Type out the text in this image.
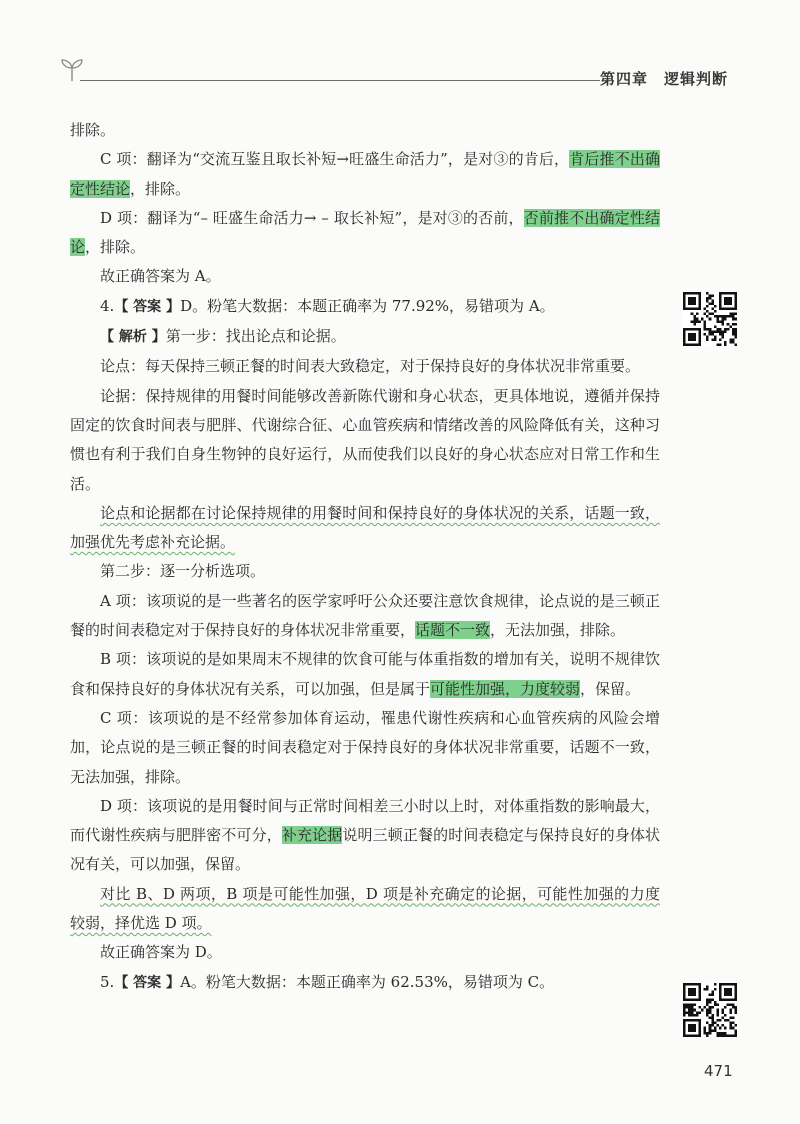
第四章 逻辑判断

排除。

C 项：翻译为“交流互鉴且取长补短→旺盛生命活力”，是对③的肯后，肯后推不出确定性结论，排除。

D 项：翻译为“– 旺盛生命活力→ – 取长补短”，是对③的否前，否前推不出确定性结论，排除。

故正确答案为 A。

4.【 答案 】D。粉笔大数据：本题正确率为 77.92%，易错项为 A。

【 解析 】第一步：找出论点和论据。

论点：每天保持三顿正餐的时间表大致稳定，对于保持良好的身体状况非常重要。

论据：保持规律的用餐时间能够改善新陈代谢和身心状态，更具体地说，遵循并保持固定的饮食时间表与肥胖、代谢综合征、心血管疾病和情绪改善的风险降低有关，这种习惯也有利于我们自身生物钟的良好运行，从而使我们以良好的身心状态应对日常工作和生活。

论点和论据都在讨论保持规律的用餐时间和保持良好的身体状况的关系，话题一致，加强优先考虑补充论据。

第二步：逐一分析选项。

A 项：该项说的是一些著名的医学家呼吁公众还要注意饮食规律，论点说的是三顿正餐的时间表稳定对于保持良好的身体状况非常重要，话题不一致，无法加强，排除。

B 项：该项说的是如果周末不规律的饮食可能与体重指数的增加有关，说明不规律饮食和保持良好的身体状况有关系，可以加强，但是属于可能性加强，力度较弱，保留。

C 项：该项说的是不经常参加体育运动，罹患代谢性疾病和心血管疾病的风险会增加，论点说的是三顿正餐的时间表稳定对于保持良好的身体状况非常重要，话题不一致，无法加强，排除。

D 项：该项说的是用餐时间与正常时间相差三小时以上时，对体重指数的影响最大，而代谢性疾病与肥胖密不可分，补充论据说明三顿正餐的时间表稳定与保持良好的身体状况有关，可以加强，保留。

对比 B、D 两项，B 项是可能性加强，D 项是补充确定的论据，可能性加强的力度较弱，择优选 D 项。

故正确答案为 D。

5.【 答案 】A。粉笔大数据：本题正确率为 62.53%，易错项为 C。

471
